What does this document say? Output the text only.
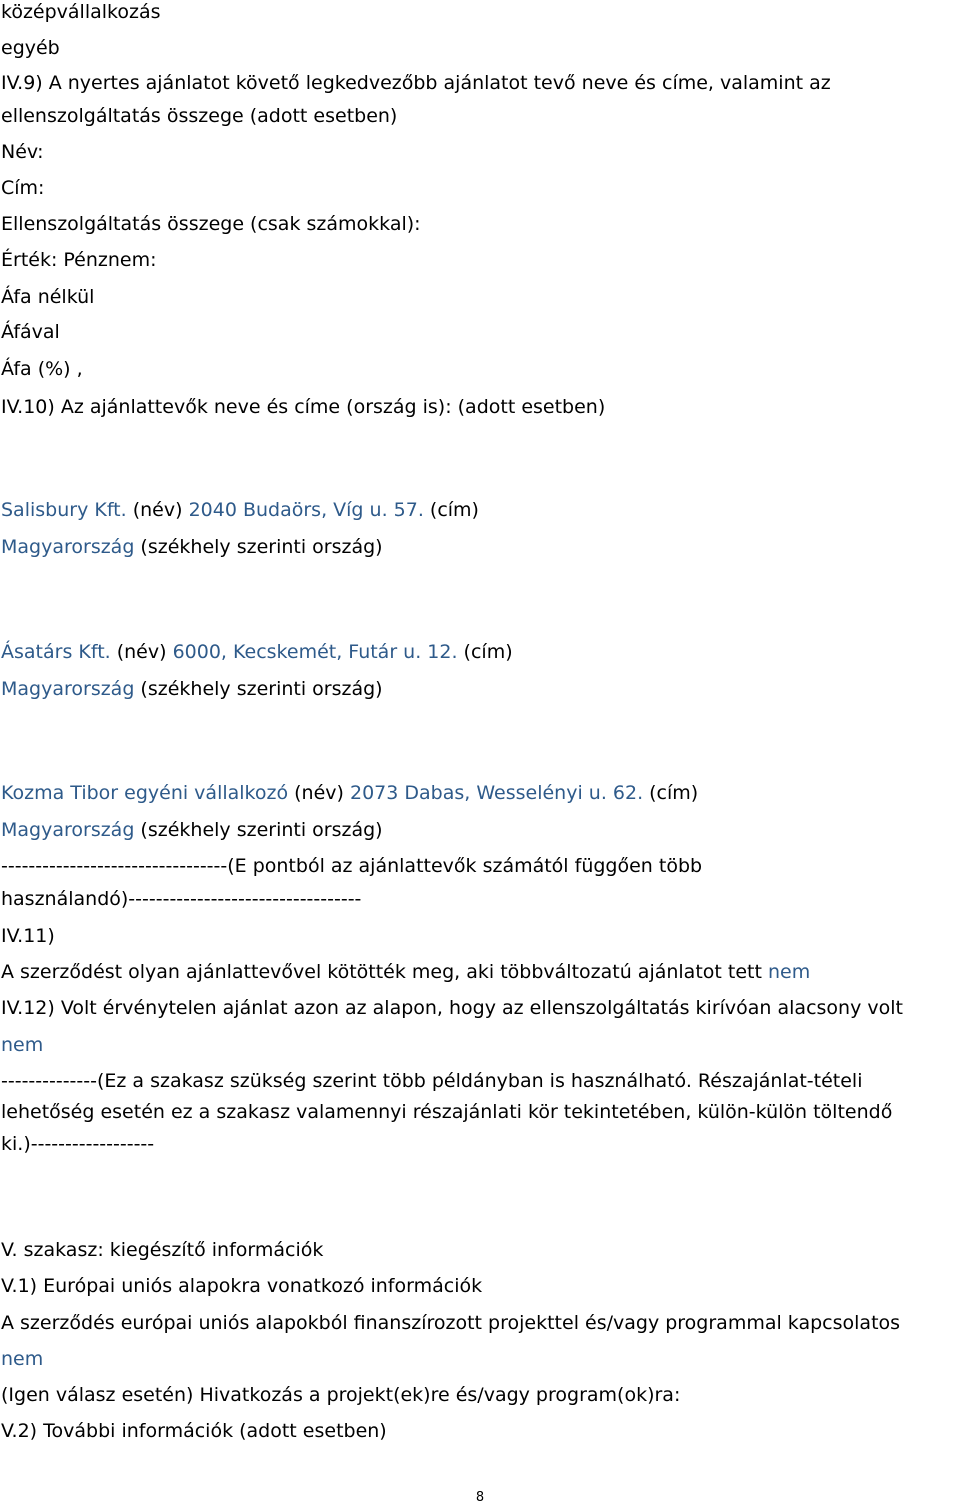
középvállalkozás
egyéb
IV.9) A nyertes ajánlatot követő legkedvezőbb ajánlatot tevő neve és címe, valamint az
ellenszolgáltatás összege (adott esetben)
Név:
Cím:
Ellenszolgáltatás összege (csak számokkal):
Érték: Pénznem:
Áfa nélkül
Áfával
Áfa (%) ,
IV.10) Az ajánlattevők neve és címe (ország is): (adott esetben)
Salisbury Kft. (név) 2040 Budaörs, Víg u. 57. (cím)
Magyarország (székhely szerinti ország)
Ásatárs Kft. (név) 6000, Kecskemét, Futár u. 12. (cím)
Magyarország (székhely szerinti ország)
Kozma Tibor egyéni vállalkozó (név) 2073 Dabas, Wesselényi u. 62. (cím)
Magyarország (székhely szerinti ország)
---------------------------------(E pontból az ajánlattevők számától függően több
használandó)----------------------------------
IV.11)
A szerződést olyan ajánlattevővel kötötték meg, aki többváltozatú ajánlatot tett nem
IV.12) Volt érvénytelen ajánlat azon az alapon, hogy az ellenszolgáltatás kirívóan alacsony volt
nem
--------------(Ez a szakasz szükség szerint több példányban is használható. Részajánlat-tételi
lehetőség esetén ez a szakasz valamennyi részajánlati kör tekintetében, külön-külön töltendő
ki.)------------------
V. szakasz: kiegészítő információk
V.1) Európai uniós alapokra vonatkozó információk
A szerződés európai uniós alapokból finanszírozott projekttel és/vagy programmal kapcsolatos
nem
(Igen válasz esetén) Hivatkozás a projekt(ek)re és/vagy program(ok)ra:
V.2) További információk (adott esetben)
8
